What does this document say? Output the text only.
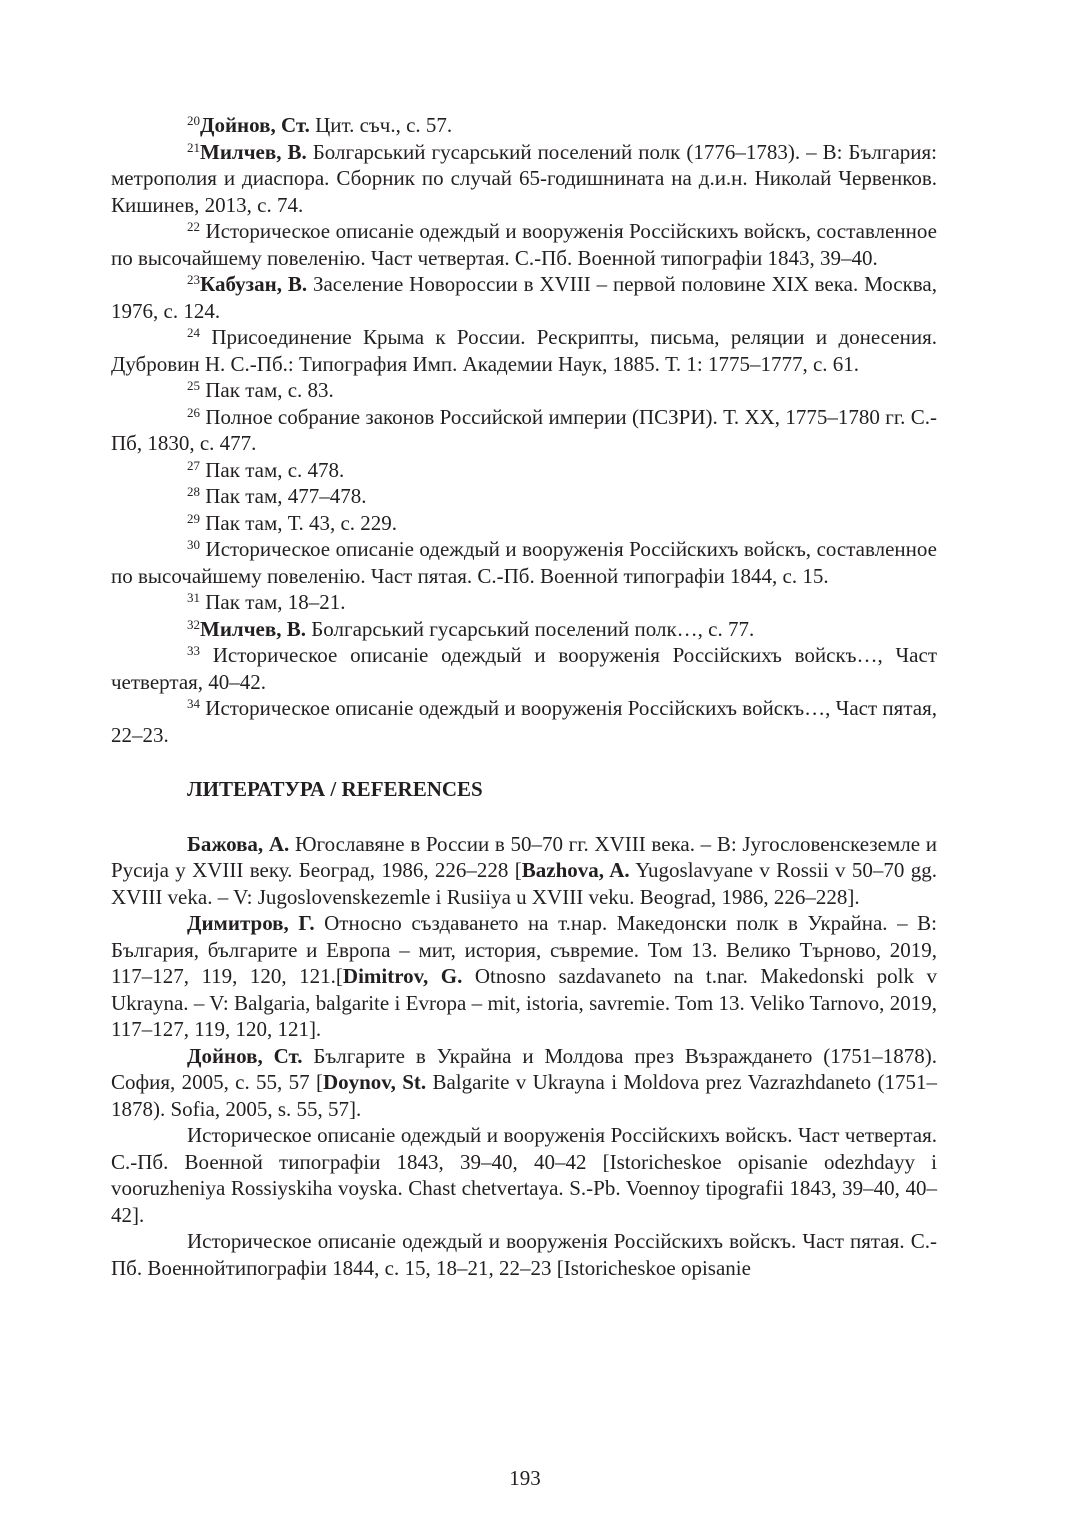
$^{20}$Дойнов, Ст. Цит. съч., с. 57.

$^{21}$Милчев, В. Болгарський гусарський поселений полк (1776–1783). – В: България: метрополия и диаспора. Сборник по случай 65-годишнината на д.и.н. Николай Червенков. Кишинев, 2013, с. 74.

$^{22}$ Историческое описаніе одеждый и вооруженія Россійскихъ войскъ, составленное по высочайшему повеленію. Част четвертая. С.-Пб. Военной типографіи 1843, 39–40.

$^{23}$Кабузан, В. Заселение Новороссии в XVIII – первой половине XIX века. Москва, 1976, с. 124.

$^{24}$ Присоединение Крыма к России. Рескрипты, письма, реляции и донесения. Дубровин Н. С.-Пб.: Типография Имп. Академии Наук, 1885. Т. 1: 1775–1777, с. 61.

$^{25}$ Пак там, с. 83.

$^{26}$ Полное собрание законов Российской империи (ПСЗРИ). Т. XX, 1775–1780 гг. С.-Пб, 1830, с. 477.

$^{27}$ Пак там, с. 478.

$^{28}$ Пак там, 477–478.

$^{29}$ Пак там, Т. 43, с. 229.

$^{30}$ Историческое описаніе одеждый и вооруженія Россійскихъ войскъ, составленное по высочайшему повеленію. Част пятая. С.-Пб. Военной типографіи 1844, с. 15.

$^{31}$ Пак там, 18–21.

$^{32}$Милчев, В. Болгарський гусарський поселений полк…, с. 77.

$^{33}$ Историческое описаніе одеждый и вооруженія Россійскихъ войскъ…, Част четвертая, 40–42.

$^{34}$ Историческое описаніе одеждый и вооруженія Россійскихъ войскъ…, Част пятая, 22–23.

ЛИТЕРАТУРА / REFERENCES

Бажова, А. Югославяне в России в 50–70 гг. XVIII века. – В: Југословенскеземле и Русија у XVIII веку. Београд, 1986, 226–228 [Bazhova, A. Yugoslavyane v Rossii v 50–70 gg. XVIII veka. – V: Jugoslovenskezemle i Rusiiya u XVIII veku. Beograd, 1986, 226–228].

Димитров, Г. Относно създаването на т.нар. Македонски полк в Украйна. – В: България, българите и Европа – мит, история, съвремие. Том 13. Велико Търново, 2019, 117–127, 119, 120, 121.[Dimitrov, G. Otnosno sazdavaneto na t.nar. Makedonski polk v Ukrayna. – V: Balgaria, balgarite i Evropa – mit, istoria, savremie. Tom 13. Veliko Tarnovo, 2019, 117–127, 119, 120, 121].

Дойнов, Ст. Българите в Украйна и Молдова през Възраждането (1751–1878). София, 2005, с. 55, 57 [Doynov, St. Balgarite v Ukrayna i Moldova prez Vazrazhdaneto (1751–1878). Sofia, 2005, s. 55, 57].

Историческое описаніе одеждый и вооруженія Россійскихъ войскъ. Част четвертая. С.-Пб. Военной типографіи 1843, 39–40, 40–42 [Istoricheskoe opisanie odezhdayy i vooruzheniya Rossiyskiha voyska. Chast chetvertaya. S.-Pb. Voennoy tipografii 1843, 39–40, 40–42].

Историческое описаніе одеждый и вооруженія Россійскихъ войскъ. Част пятая. С.-Пб. Военнойтипографіи 1844, с. 15, 18–21, 22–23 [Istoricheskoe opisanie

193
